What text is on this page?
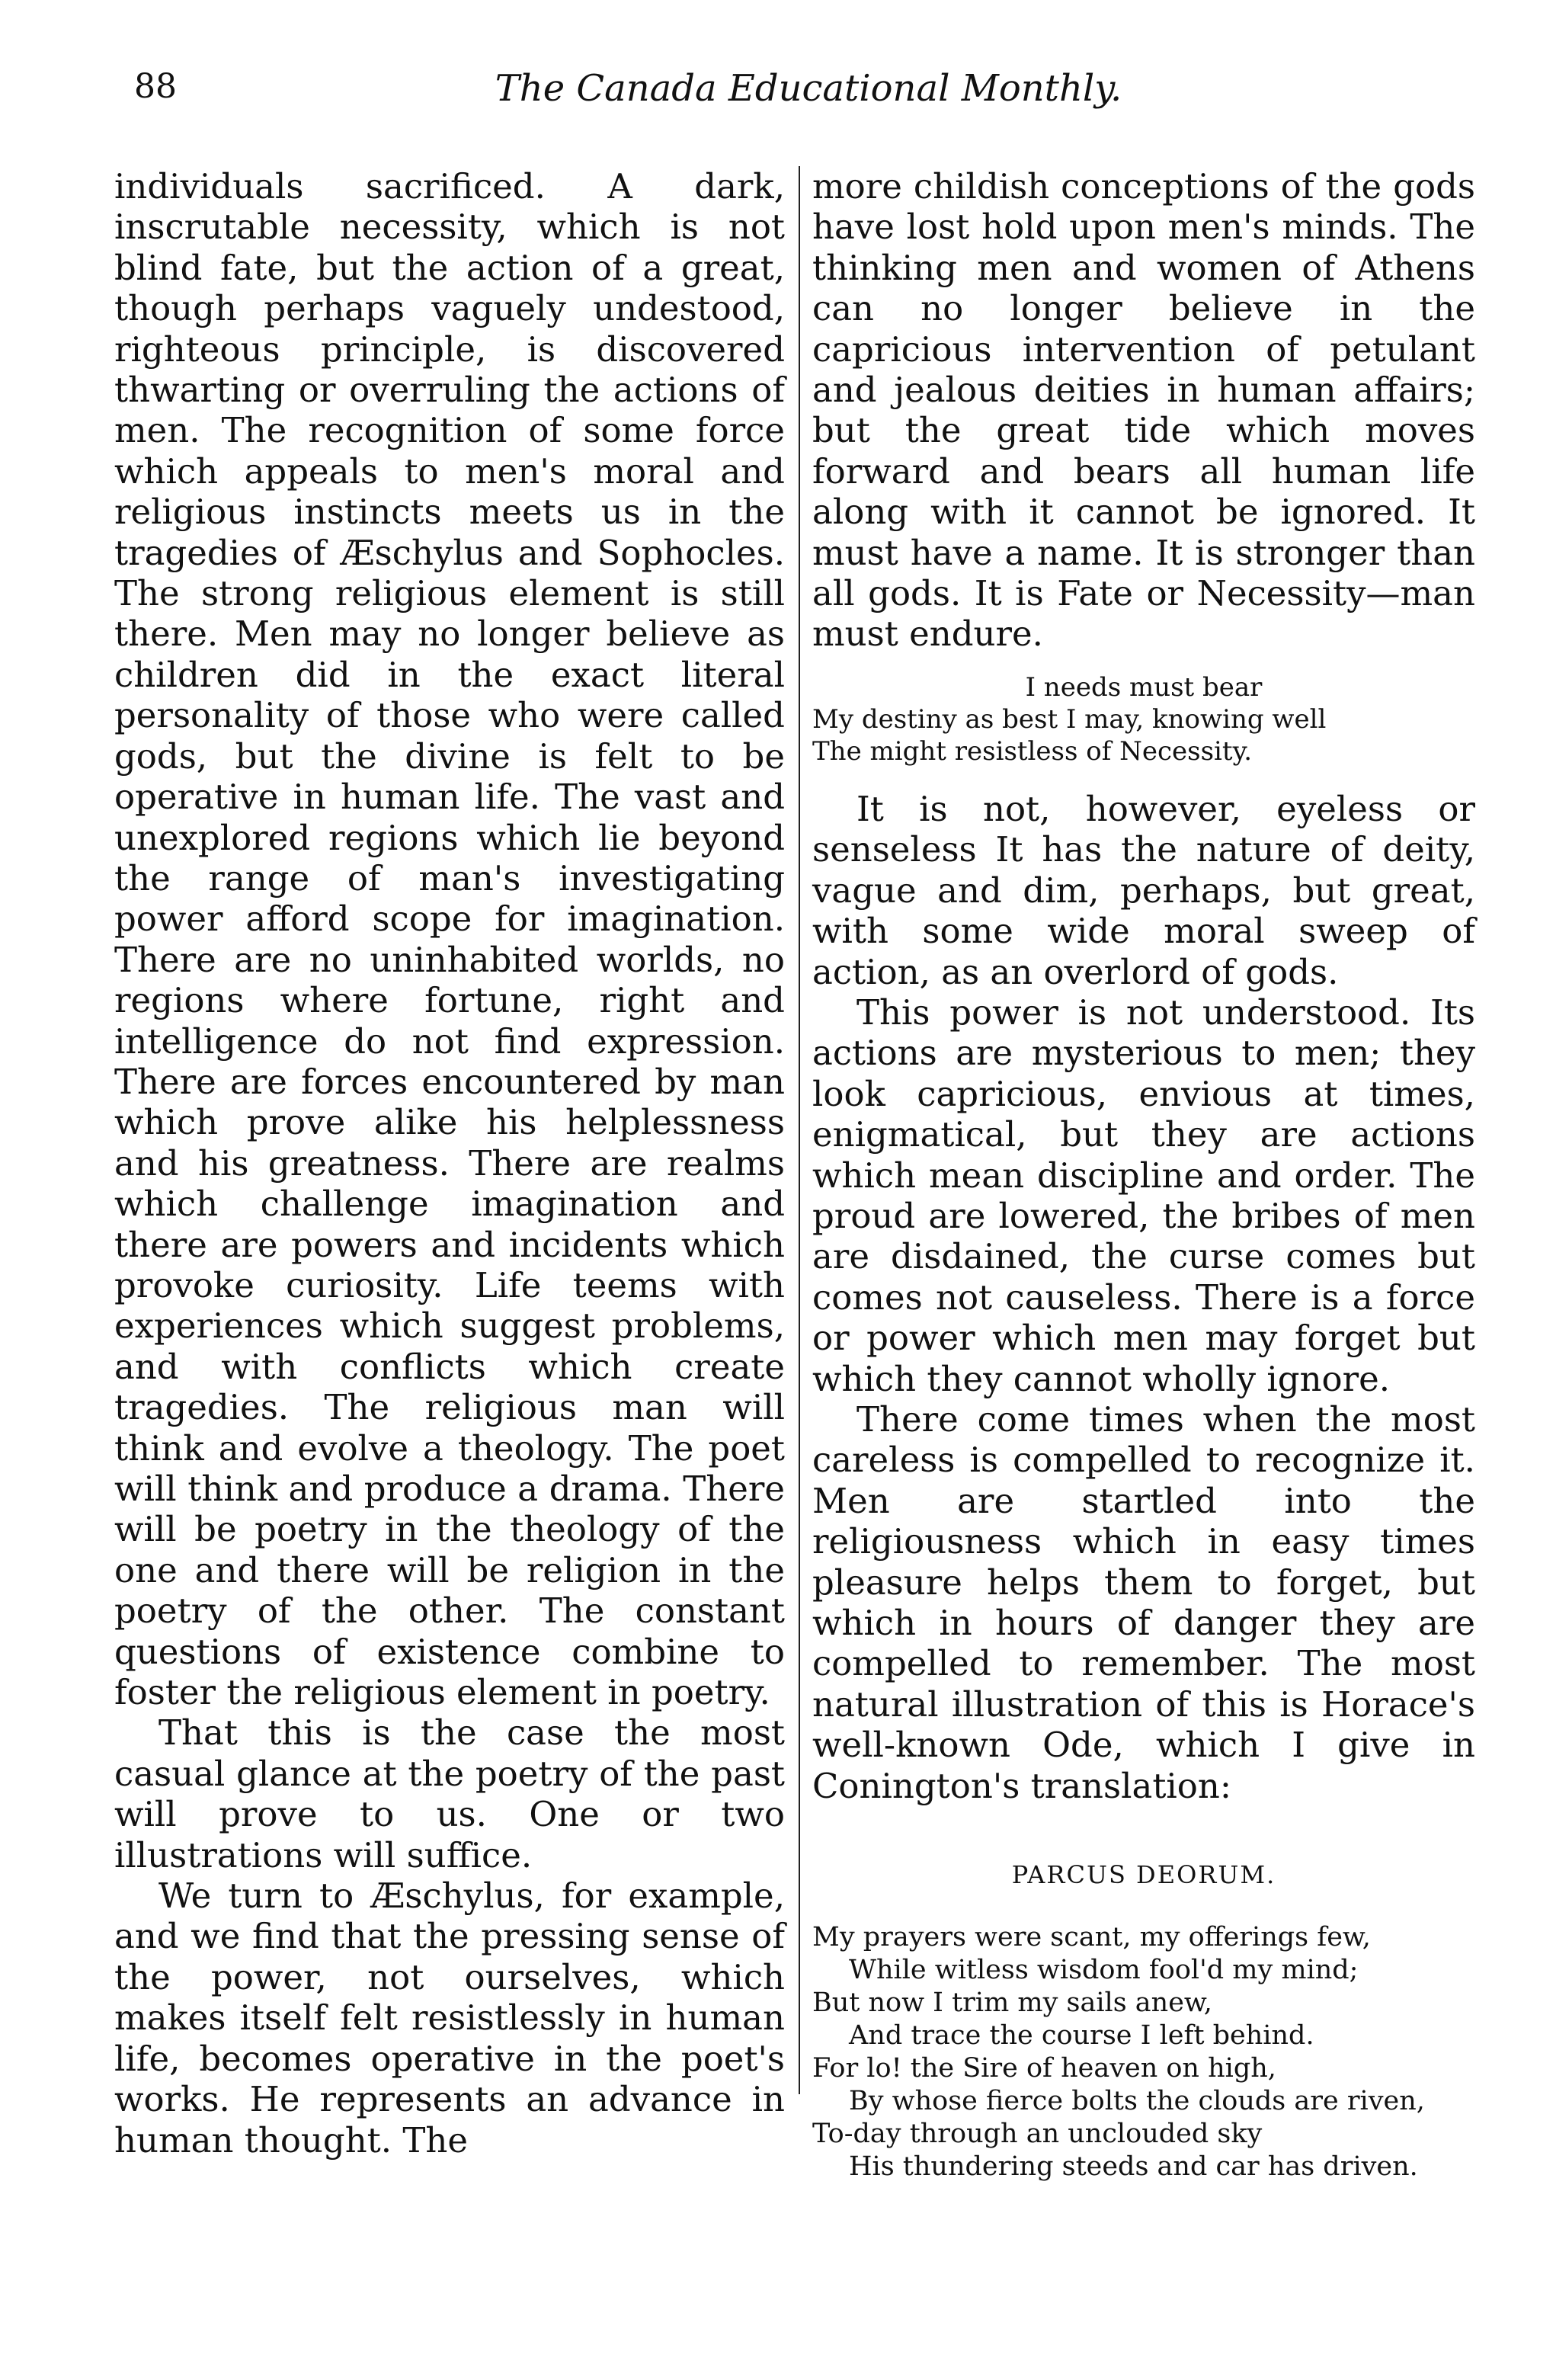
88	The Canada Educational Monthly.

individuals sacrificed. A dark, inscrutable necessity, which is not blind fate, but the action of a great, though perhaps vaguely undestood, righteous principle, is discovered thwarting or overruling the actions of men. The recognition of some force which appeals to men's moral and religious instincts meets us in the tragedies of Æschylus and Sophocles. The strong religious element is still there. Men may no longer believe as children did in the exact literal personality of those who were called gods, but the divine is felt to be operative in human life. The vast and unexplored regions which lie beyond the range of man's investigating power afford scope for imagination. There are no uninhabited worlds, no regions where fortune, right and intelligence do not find expression. There are forces encountered by man which prove alike his helplessness and his greatness. There are realms which challenge imagination and there are powers and incidents which provoke curiosity. Life teems with experiences which suggest problems, and with conflicts which create tragedies. The religious man will think and evolve a theology. The poet will think and produce a drama. There will be poetry in the theology of the one and there will be religion in the poetry of the other. The constant questions of existence combine to foster the religious element in poetry.

That this is the case the most casual glance at the poetry of the past will prove to us. One or two illustrations will suffice.

We turn to Æschylus, for example, and we find that the pressing sense of the power, not ourselves, which makes itself felt resistlessly in human life, becomes operative in the poet's works. He represents an advance in human thought. The

more childish conceptions of the gods have lost hold upon men's minds. The thinking men and women of Athens can no longer believe in the capricious intervention of petulant and jealous deities in human affairs; but the great tide which moves forward and bears all human life along with it cannot be ignored. It must have a name. It is stronger than all gods. It is Fate or Necessity—man must endure.

I needs must bear
My destiny as best I may, knowing well
The might resistless of Necessity.

It is not, however, eyeless or senseless It has the nature of deity, vague and dim, perhaps, but great, with some wide moral sweep of action, as an overlord of gods.

This power is not understood. Its actions are mysterious to men; they look capricious, envious at times, enigmatical, but they are actions which mean discipline and order. The proud are lowered, the bribes of men are disdained, the curse comes but comes not causeless. There is a force or power which men may forget but which they cannot wholly ignore.

There come times when the most careless is compelled to recognize it. Men are startled into the religiousness which in easy times pleasure helps them to forget, but which in hours of danger they are compelled to remember. The most natural illustration of this is Horace's well-known Ode, which I give in Conington's translation:

PARCUS DEORUM.
My prayers were scant, my offerings few,
While witless wisdom fool'd my mind;
But now I trim my sails anew,
And trace the course I left behind.
For lo! the Sire of heaven on high,
By whose fierce bolts the clouds are riven,
To-day through an unclouded sky
His thundering steeds and car has driven.
